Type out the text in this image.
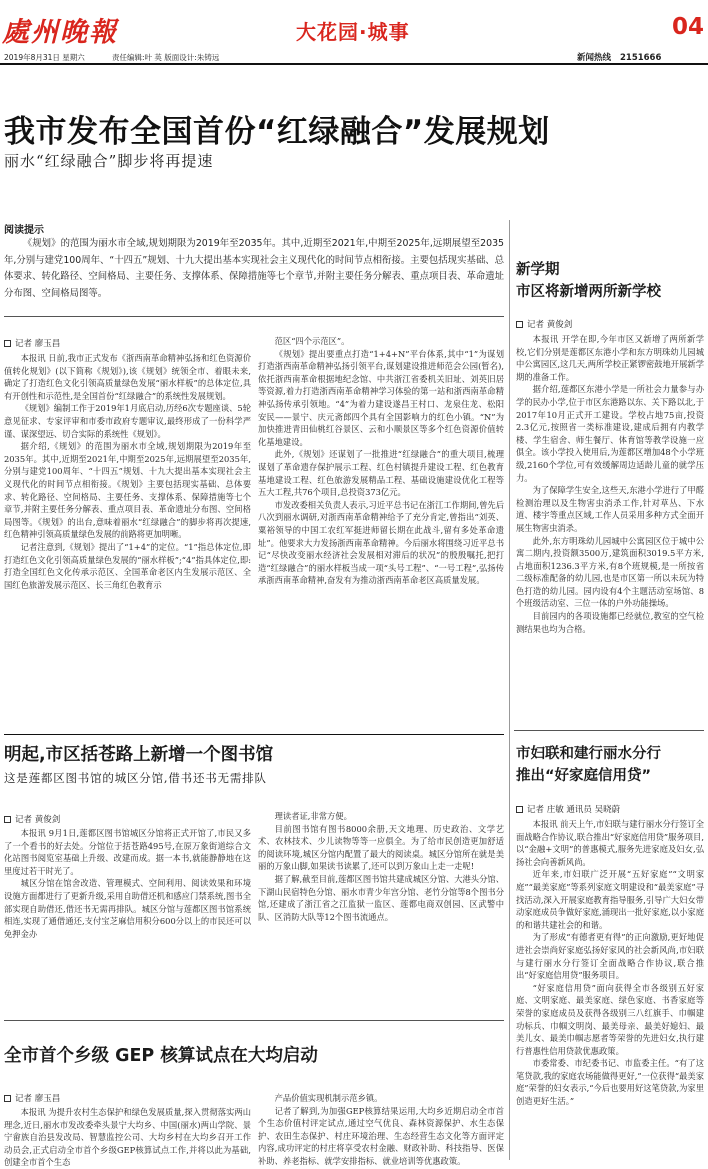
處州晚報	大花园·城事	04
2019年8月31日 星期六	责任编辑:叶 英 版面设计:朱铸远	新闻热线 2151666
我市发布全国首份“红绿融合”发展规划
丽水“红绿融合”脚步将再提速
阅读提示
《规划》的范围为丽水市全域,规划期限为2019年至2035年。其中,近期至2021年,中期至2025年,远期展望至2035年,分别与建党100周年、“十四五”规划、十九大提出基本实现社会主义现代化的时间节点相衔接。主要包括现实基础、总体要求、转化路径、空间格局、主要任务、支撑体系、保障措施等七个章节,并附主要任务分解表、重点项目表、革命遗址分布图、空间格局图等。
记者 廖玉昌
本报讯 日前,我市正式发布《浙西南革命精神弘扬和红色资源价值转化规划》(以下简称《规划》),该《规划》统领全市、着眼未来,确定了打造红色文化引领高质量绿色发展“丽水样板”的总体定位,具有开创性和示范性,是全国首份“红绿融合”的系统性发展规划。
《规划》编制工作于2019年1月底启动,历经6次专题座谈、5轮意见征求、专家评审和市委市政府专题审议,最终形成了一份科学严谨、谋深望远、切合实际的系统性《规划》。
据介绍,《规划》的范围为丽水市全域,规划期限为2019年至2035年。其中,近期至2021年,中期至2025年,远期展望至2035年,分别与建党100周年、“十四五”规划、十九大提出基本实现社会主义现代化的时间节点相衔接。《规划》主要包括现实基础、总体要求、转化路径、空间格局、主要任务、支撑体系、保障措施等七个章节,并附主要任务分解表、重点项目表、革命遗址分布图、空间格局图等。《规划》的出台,意味着丽水“红绿融合”的脚步将再次提速,红色精神引领高质量绿色发展的前路将更加明晰。
记者注意到,《规划》提出了“1+4”的定位。“1”指总体定位,即打造红色文化引领高质量绿色发展的“丽水样板”;“4”指具体定位,即:打造全国红色文化传承示范区、全国革命老区内生发展示范区、全国红色旅游发展示范区、长三角红色教育示
范区“四个示范区”。
《规划》提出要重点打造“1+4+N”平台体系,其中“1”为谋划打造浙西南革命精神弘扬引领平台,谋划建设推进师范会公园(暂名),依托浙西南革命根据地纪念馆、中共浙江省委机关旧址、刘英旧居等资源,着力打造浙西南革命精神学习体验的第一站和浙西南革命精神弘扬传承引领地。“4”为着力建设遂昌王村口、龙泉住龙、松阳安民——景宁、庆元斋郎四个具有全国影响力的红色小镇。“N”为加快推进青田仙桃红谷景区、云和小顺景区等多个红色资源价值转化基地建设。
此外,《规划》还谋划了一批推进“红绿融合”的重大项目,梳理谋划了革命遗存保护展示工程、红色村镇提升建设工程、红色教育基地建设工程、红色旅游发展精品工程、基础设施建设优化工程等五大工程,共76个项目,总投资373亿元。
市发改委相关负责人表示,习近平总书记在浙江工作期间,曾先后八次到丽水调研,对浙西南革命精神给予了充分肯定,曾指出“刘英、粟裕领导的中国工农红军挺进师留长期在此战斗,留有多处革命遗址”。他要求大力发扬浙西南革命精神。今后丽水将围绕习近平总书记“尽快改变丽水经济社会发展相对滞后的状况”的殷殷嘱托,把打造“红绿融合”的丽水样板当成一项“头号工程”、“一号工程”,弘扬传承浙西南革命精神,奋发有为推动浙西南革命老区高质量发展。
明起,市区括苍路上新增一个图书馆
这是莲都区图书馆的城区分馆,借书还书无需排队
记者 黄俊剑
本报讯 9月1日,莲都区图书馆城区分馆将正式开馆了,市民又多了一个看书的好去处。分馆位于括苍路495号,在原万象街道综合文化站图书阅览室基础上升级、改建而成。据一本书,就能静静地在这里度过若干时光了。
城区分馆在馆舍改造、管理模式、空间利用、阅读效果和环境设施方面都进行了更新升级,采用自助借还机和感应门禁系统,图书全部实现自助借还,借还书无需再排队。城区分馆与莲都区图书馆系统相连,实现了通借通还,支付宝芝麻信用积分600分以上的市民还可以免押金办
理读者证,非常方便。
目前图书馆有图书8000余册,天文地理、历史政治、文学艺术、农林技术、少儿读物等等一应俱全。为了给市民创造更加舒适的阅读环境,城区分馆内配置了最大的阅读桌。城区分馆所在就是美丽的万象山脚,如果读书读累了,还可以到万象山上走一走呢!
据了解,截至目前,莲都区图书馆共建成城区分馆、大港头分馆、下湖山民宿特色分馆、丽水市青少年宫分馆、老竹分馆等8个图书分馆,还建成了浙江省之江监狱一监区、莲都电商双创园、区武警中队、区消防大队等12个图书流通点。
全市首个乡级 GEP 核算试点在大均启动
记者 廖玉昌
本报讯 为提升农村生态保护和绿色发展质量,探入贯彻落实两山理念,近日,丽水市发改委牵头景宁大均乡、中国(丽水)两山学院、景宁畲族自治县发改局、智慧监控公司、大均乡村在大均乡召开工作动员会,正式启动全市首个乡级GEP核算试点工作,并将以此为基础,创建全市首个生态
产品价值实现机制示范乡镇。
记者了解到,为加强GEP核算结果运用,大均乡近期启动全市首个生态价值村评定试点,通过空气优良、森林资源保护、水生态保护、农田生态保护、村庄环境治理、生态经营生态文化等方面评定内容,成功评定的村庄将享受农村金融、财政补助、科技指导、医保补助、养老指标、就学安排指标、就业培训等优惠政策。
新学期
市区将新增两所新学校
记者 黄俊剑
本报讯 开学在即,今年市区又新增了两所新学校,它们分别是莲都区东港小学和东方明珠幼儿园城中公寓园区,这几天,两所学校正紧锣密鼓地开展新学期的准备工作。
据介绍,莲都区东港小学是一所社会力量参与办学的民办小学,位于市区东港路以东、关下路以北,于2017年10月正式开工建设。学校占地75亩,投资2.3亿元,按照省一类标准建设,建成后拥有内教学楼、学生宿舍、师生餐厅、体育馆等教学设施一应俱全。该小学投入使用后,为莲都区增加48个小学班级,2160个学位,可有效缓解周边适龄儿童的就学压力。
为了保障学生安全,这些天,东港小学进行了甲醛检测治理以及生物害虫消杀工作,针对草丛、下水道、楼宇等重点区域,工作人员采用多种方式全面开展生物害虫消杀。
此外,东方明珠幼儿园城中公寓园区位于城中公寓二期内,投资额3500万,建筑面积3019.5平方米,占地面积1236.3平方米,有8个班规模,是一所按省二级标准配备的幼儿园,也是市区第一所以未玩为特色打造的幼儿园。园内设有4个主题活动室场馆、8个班级活动室、三位一体的户外功能操场。
目前园内的各项设施都已经就位,教室的空气检测结果也均为合格。
市妇联和建行丽水分行
推出“好家庭信用贷”
记者 庄敏 通讯员 吴晓蔚
本报讯 前天上午,市妇联与建行丽水分行签订全面战略合作协议,联合推出“好家庭信用贷”服务项目,以“金融+文明”的普惠模式,服务先进家庭及妇女,弘扬社会向善新风尚。
近年来,市妇联广泛开展“五好家庭”“文明家庭”“最美家庭”等系列家庭文明建设和“最美家庭”寻找活动,深入开展家庭教育指导服务,引导广大妇女带动家庭成员争做好家庭,涌现出一批好家庭,以小家庭的和谐共建社会的和谐。
为了形成“有德者更有得”的正向激励,更好地促进社会崇尚好家庭弘扬好家风的社会新风尚,市妇联与建行丽水分行签订全面战略合作协议,联合推出“好家庭信用贷”服务项目。
“好家庭信用贷”面向获得全市各级别五好家庭、文明家庭、最美家庭、绿色家庭、书香家庭等荣誉的家庭成员及获得各级别三八红旗手、巾帼建功标兵、巾帼文明岗、最美母亲、最美好媳妇、最美儿女、最美巾帼志愿者等荣誉的先进妇女,执行建行普惠性信用贷款优惠政策。
市委常委、市纪委书记、市监委主任。“有了这笔贷款,我的家庭农场能做得更好,”一位获得“最美家庭”荣誉的妇女表示,“今后也要用好这笔贷款,为家里创造更好生活。”
